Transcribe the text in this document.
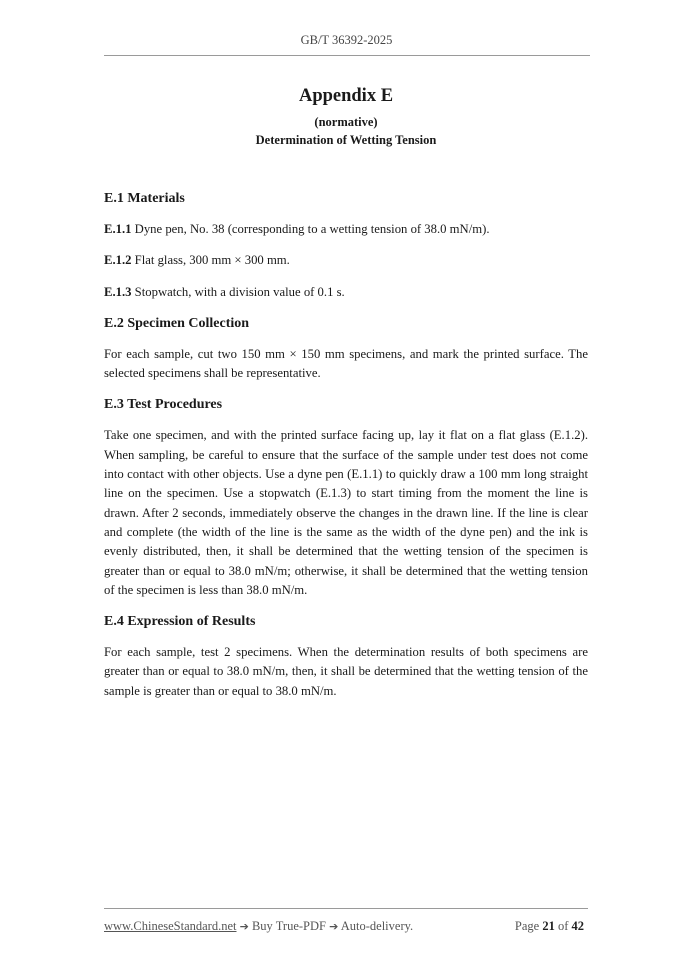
GB/T 36392-2025
Appendix E
(normative)
Determination of Wetting Tension
E.1 Materials

E.1.1 Dyne pen, No. 38 (corresponding to a wetting tension of 38.0 mN/m).

E.1.2 Flat glass, 300 mm × 300 mm.

E.1.3 Stopwatch, with a division value of 0.1 s.

E.2 Specimen Collection

For each sample, cut two 150 mm × 150 mm specimens, and mark the printed surface. The selected specimens shall be representative.

E.3 Test Procedures

Take one specimen, and with the printed surface facing up, lay it flat on a flat glass (E.1.2). When sampling, be careful to ensure that the surface of the sample under test does not come into contact with other objects. Use a dyne pen (E.1.1) to quickly draw a 100 mm long straight line on the specimen. Use a stopwatch (E.1.3) to start timing from the moment the line is drawn. After 2 seconds, immediately observe the changes in the drawn line. If the line is clear and complete (the width of the line is the same as the width of the dyne pen) and the ink is evenly distributed, then, it shall be determined that the wetting tension of the specimen is greater than or equal to 38.0 mN/m; otherwise, it shall be determined that the wetting tension of the specimen is less than 38.0 mN/m.

E.4 Expression of Results

For each sample, test 2 specimens. When the determination results of both specimens are greater than or equal to 38.0 mN/m, then, it shall be determined that the wetting tension of the sample is greater than or equal to 38.0 mN/m.

www.ChineseStandard.net ➔ Buy True-PDF ➔ Auto-delivery.	Page 21 of 42
